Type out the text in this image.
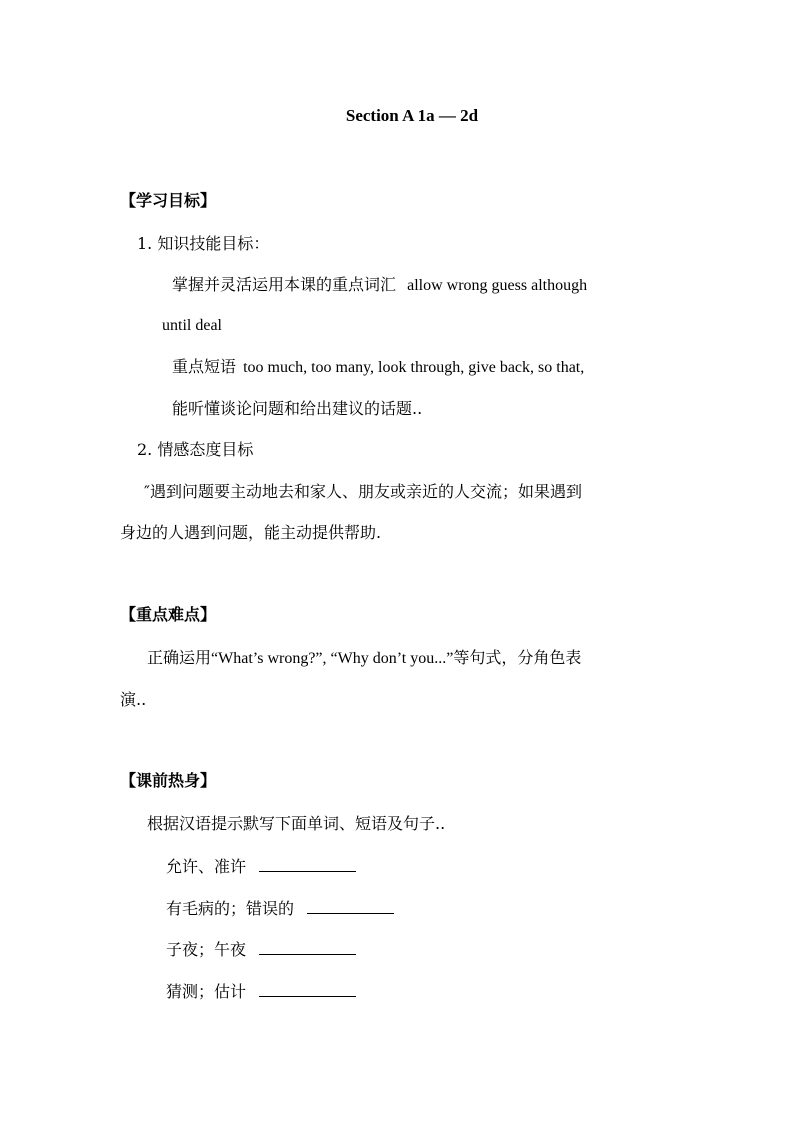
Section A 1a — 2d
【学习目标】
1. 知识技能目标：
掌握并灵活运用本课的重点词汇 allow wrong guess although
until deal
重点短语 too much, too many, look through, give back, so that,
能听懂谈论问题和给出建议的话题..
2. 情感态度目标
″遇到问题要主动地去和家人、朋友或亲近的人交流；如果遇到
身边的人遇到问题，能主动提供帮助.
【重点难点】
正确运用“What’s wrong?”, “Why don’t you...”等句式，分角色表
演..
【课前热身】
根据汉语提示默写下面单词、短语及句子..
允许、准许
有毛病的；错误的
子夜；午夜
猜测；估计
